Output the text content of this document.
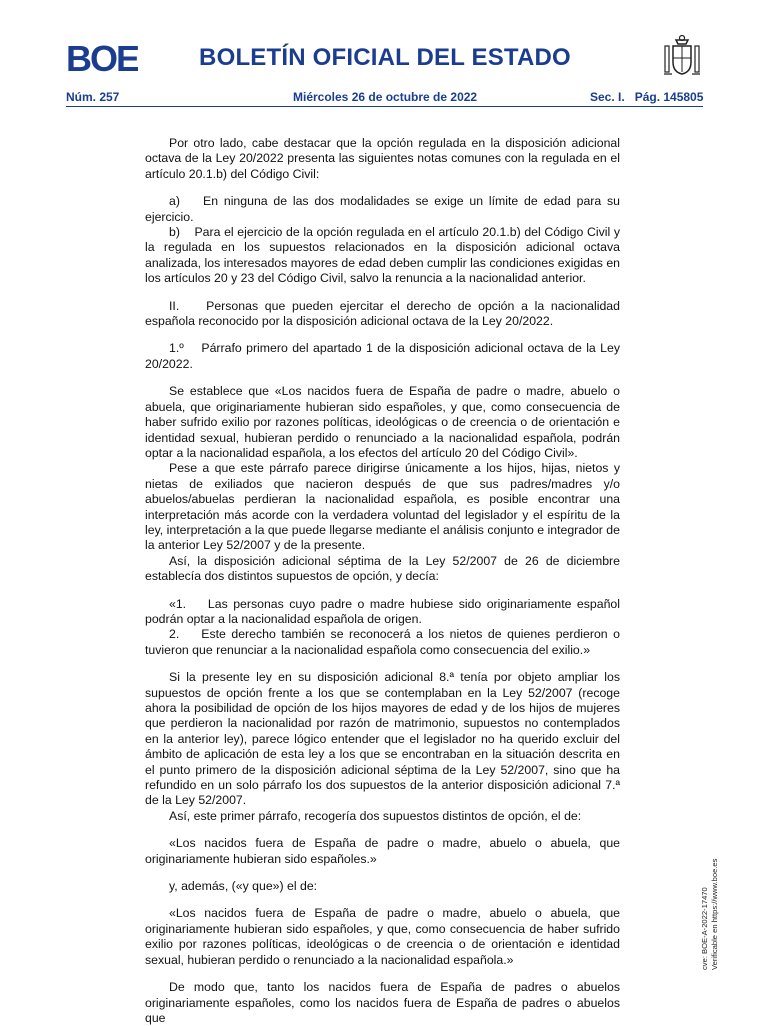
BOE	BOLETÍN OFICIAL DEL ESTADO
Núm. 257	Miércoles 26 de octubre de 2022	Sec. I.   Pág. 145805

Por otro lado, cabe destacar que la opción regulada en la disposición adicional octava de la Ley 20/2022 presenta las siguientes notas comunes con la regulada en el artículo 20.1.b) del Código Civil:

a)    En ninguna de las dos modalidades se exige un límite de edad para su ejercicio.

b)    Para el ejercicio de la opción regulada en el artículo 20.1.b) del Código Civil y la regulada en los supuestos relacionados en la disposición adicional octava analizada, los interesados mayores de edad deben cumplir las condiciones exigidas en los artículos 20 y 23 del Código Civil, salvo la renuncia a la nacionalidad anterior.

II.    Personas que pueden ejercitar el derecho de opción a la nacionalidad española reconocido por la disposición adicional octava de la Ley 20/2022.

1.º    Párrafo primero del apartado 1 de la disposición adicional octava de la Ley 20/2022.

Se establece que «Los nacidos fuera de España de padre o madre, abuelo o abuela, que originariamente hubieran sido españoles, y que, como consecuencia de haber sufrido exilio por razones políticas, ideológicas o de creencia o de orientación e identidad sexual, hubieran perdido o renunciado a la nacionalidad española, podrán optar a la nacionalidad española, a los efectos del artículo 20 del Código Civil».

Pese a que este párrafo parece dirigirse únicamente a los hijos, hijas, nietos y nietas de exiliados que nacieron después de que sus padres/madres y/o abuelos/abuelas perdieran la nacionalidad española, es posible encontrar una interpretación más acorde con la verdadera voluntad del legislador y el espíritu de la ley, interpretación a la que puede llegarse mediante el análisis conjunto e integrador de la anterior Ley 52/2007 y de la presente.

Así, la disposición adicional séptima de la Ley 52/2007 de 26 de diciembre establecía dos distintos supuestos de opción, y decía:

«1.    Las personas cuyo padre o madre hubiese sido originariamente español podrán optar a la nacionalidad española de origen.

2.    Este derecho también se reconocerá a los nietos de quienes perdieron o tuvieron que renunciar a la nacionalidad española como consecuencia del exilio.»

Si la presente ley en su disposición adicional 8.ª tenía por objeto ampliar los supuestos de opción frente a los que se contemplaban en la Ley 52/2007 (recoge ahora la posibilidad de opción de los hijos mayores de edad y de los hijos de mujeres que perdieron la nacionalidad por razón de matrimonio, supuestos no contemplados en la anterior ley), parece lógico entender que el legislador no ha querido excluir del ámbito de aplicación de esta ley a los que se encontraban en la situación descrita en el punto primero de la disposición adicional séptima de la Ley 52/2007, sino que ha refundido en un solo párrafo los dos supuestos de la anterior disposición adicional 7.ª de la Ley 52/2007.

Así, este primer párrafo, recogería dos supuestos distintos de opción, el de:

«Los nacidos fuera de España de padre o madre, abuelo o abuela, que originariamente hubieran sido españoles.»

y, además, («y que») el de:

«Los nacidos fuera de España de padre o madre, abuelo o abuela, que originariamente hubieran sido españoles, y que, como consecuencia de haber sufrido exilio por razones políticas, ideológicas o de creencia o de orientación e identidad sexual, hubieran perdido o renunciado a la nacionalidad española.»

De modo que, tanto los nacidos fuera de España de padres o abuelos originariamente españoles, como los nacidos fuera de España de padres o abuelos que

cve: BOE-A-2022-17470 Verificable en https://www.boe.es
